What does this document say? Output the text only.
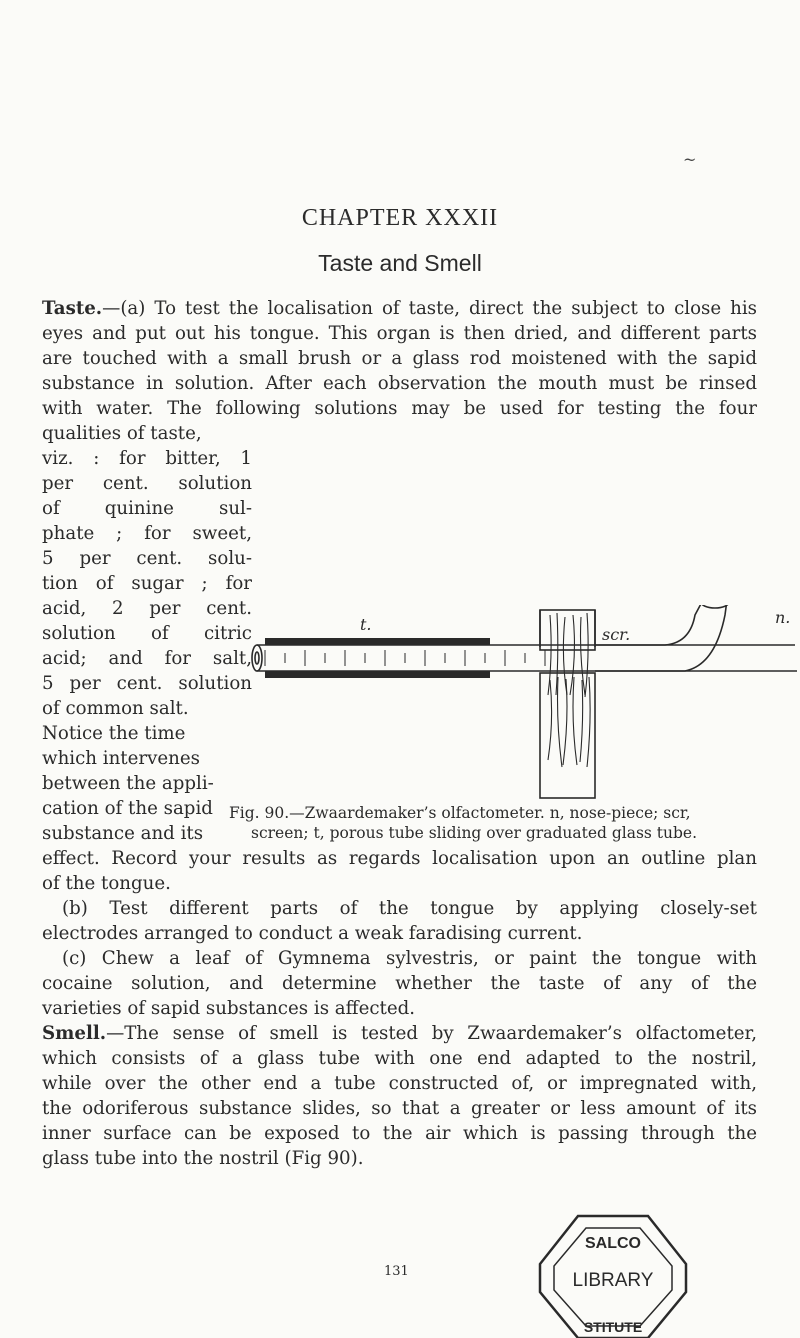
~
CHAPTER XXXII
Taste and Smell
Taste.—(a) To test the localisation of taste, direct the subject to close his
eyes and put out his tongue. This organ is then dried, and different parts
are touched with a small brush or a glass rod moistened with the sapid
substance in solution. After each observation the mouth must be rinsed
with water. The following solutions may be used for testing the four
qualities of taste,
viz. : for bitter, 1
per cent. solution
of quinine sul-
phate ; for sweet,
5 per cent. solu-
tion of sugar ; for
acid, 2 per cent.
solution of citric
acid; and for salt,
5 per cent. solution
of common salt.
Notice the time
which intervenes
between the appli-
cation of the sapid
substance and its
t.
scr.
n.
Fig. 90.—Zwaardemaker’s olfactometer. n, nose-piece; scr,
screen; t, porous tube sliding over graduated glass tube.
effect. Record your results as regards localisation upon an outline plan
of the tongue.
(b) Test different parts of the tongue by applying closely-set
electrodes arranged to conduct a weak faradising current.
(c) Chew a leaf of Gymnema sylvestris, or paint the tongue with
cocaine solution, and determine whether the taste of any of the
varieties of sapid substances is affected.
Smell.—The sense of smell is tested by Zwaardemaker’s olfactometer,
which consists of a glass tube with one end adapted to the nostril,
while over the other end a tube constructed of, or impregnated with,
the odoriferous substance slides, so that a greater or less amount of its
inner surface can be exposed to the air which is passing through the
glass tube into the nostril (Fig 90).
131
SALCO
LIBRARY
STITUTE
